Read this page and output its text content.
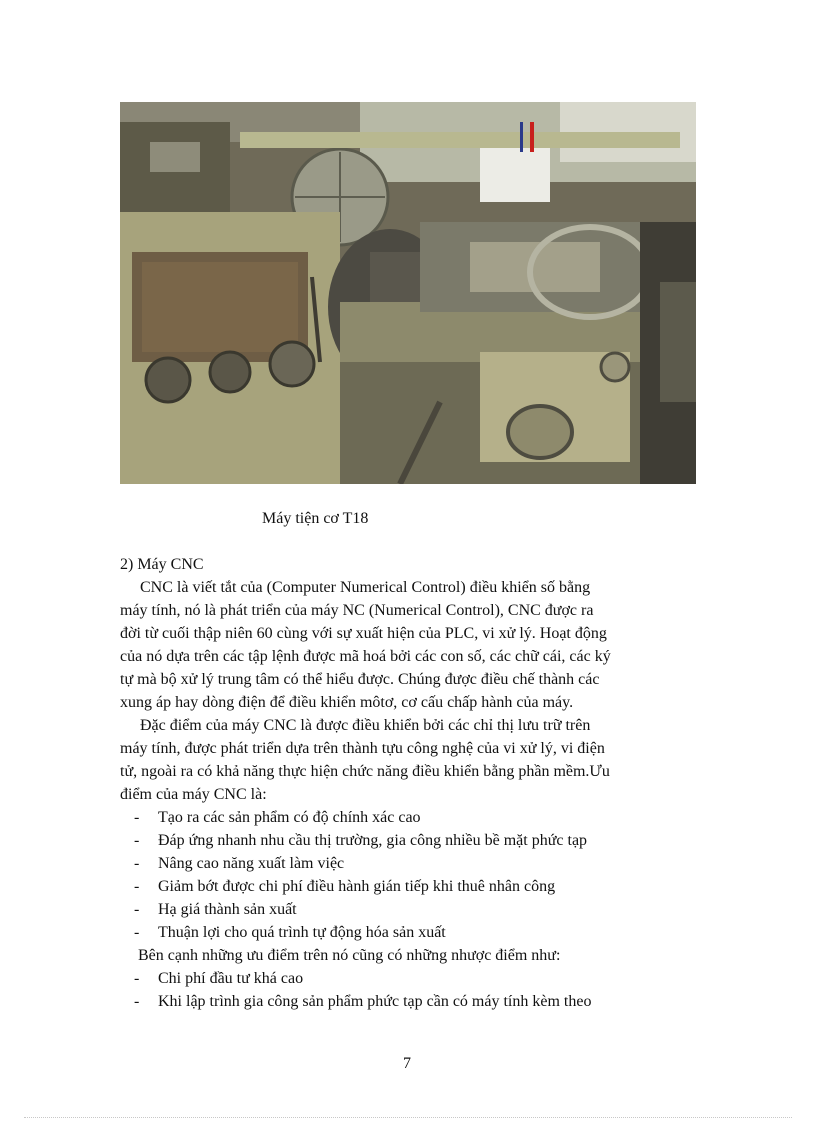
Máy tiện cơ T18
2) Máy CNC
CNC là viết tắt của (Computer Numerical Control) điều khiển số bằng
máy tính, nó là phát triển của máy NC (Numerical Control), CNC được ra
đời từ cuối thập niên 60 cùng với sự xuất hiện của PLC, vi xử lý. Hoạt động
của nó dựa trên các tập lệnh được mã hoá bởi các con số, các chữ cái, các ký
tự mà bộ xử lý trung tâm có thể hiểu được. Chúng được điều chế thành các
xung áp hay dòng điện để điều khiển môtơ, cơ cấu chấp hành của máy.
Đặc điểm của máy CNC là được điều khiển bởi các chỉ thị lưu trữ trên
máy tính, được phát triển dựa trên thành tựu công nghệ của vi xử lý, vi điện
tử, ngoài ra có khả năng thực hiện chức năng điều khiển bằng phần mềm.Ưu
điểm của máy CNC là:
- Tạo ra các sản phẩm có độ chính xác cao
- Đáp ứng nhanh nhu cầu thị trường, gia công nhiều bề mặt phức tạp
- Nâng cao năng xuất làm việc
- Giảm bớt được chi phí điều hành gián tiếp khi thuê nhân công
- Hạ giá thành sản xuất
- Thuận lợi cho quá trình tự động hóa sản xuất
Bên cạnh những ưu điểm trên nó cũng có những nhược điểm như:
- Chi phí đầu tư khá cao
- Khi lập trình gia công sản phẩm phức tạp cần có máy tính kèm theo
7
